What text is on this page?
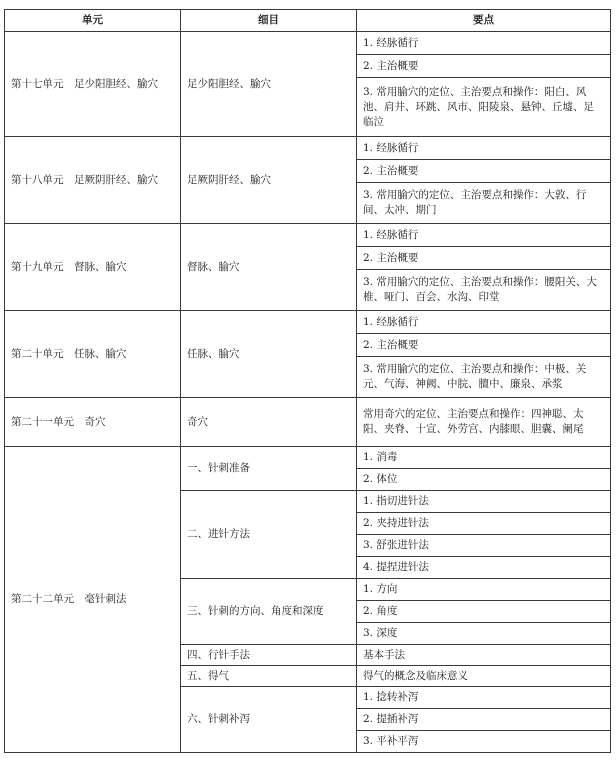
单元	细目	要点
第十七单元　足少阳胆经、腧穴	足少阳胆经、腧穴	1. 经脉循行
		2. 主治概要
		3. 常用腧穴的定位、主治要点和操作：阳白、风池、肩井、环跳、风市、阳陵泉、悬钟、丘墟、足临泣
第十八单元　足厥阴肝经、腧穴	足厥阴肝经、腧穴	1. 经脉循行
		2. 主治概要
		3. 常用腧穴的定位、主治要点和操作：大敦、行间、太冲、期门
第十九单元　督脉、腧穴	督脉、腧穴	1. 经脉循行
		2. 主治概要
		3. 常用腧穴的定位、主治要点和操作：腰阳关、大椎、哑门、百会、水沟、印堂
第二十单元　任脉、腧穴	任脉、腧穴	1. 经脉循行
		2. 主治概要
		3. 常用腧穴的定位、主治要点和操作：中极、关元、气海、神阙、中脘、膻中、廉泉、承浆
第二十一单元　奇穴	奇穴	常用奇穴的定位、主治要点和操作：四神聪、太阳、夹脊、十宣、外劳宫、内膝眼、胆囊、阑尾
第二十二单元　毫针刺法	一、针刺准备	1. 消毒
		2. 体位
	二、进针方法	1. 指切进针法
		2. 夹持进针法
		3. 舒张进针法
		4. 提捏进针法
	三、针刺的方向、角度和深度	1. 方向
		2. 角度
		3. 深度
	四、行针手法	基本手法
	五、得气	得气的概念及临床意义
	六、针刺补泻	1. 捻转补泻
		2. 提插补泻
		3. 平补平泻
